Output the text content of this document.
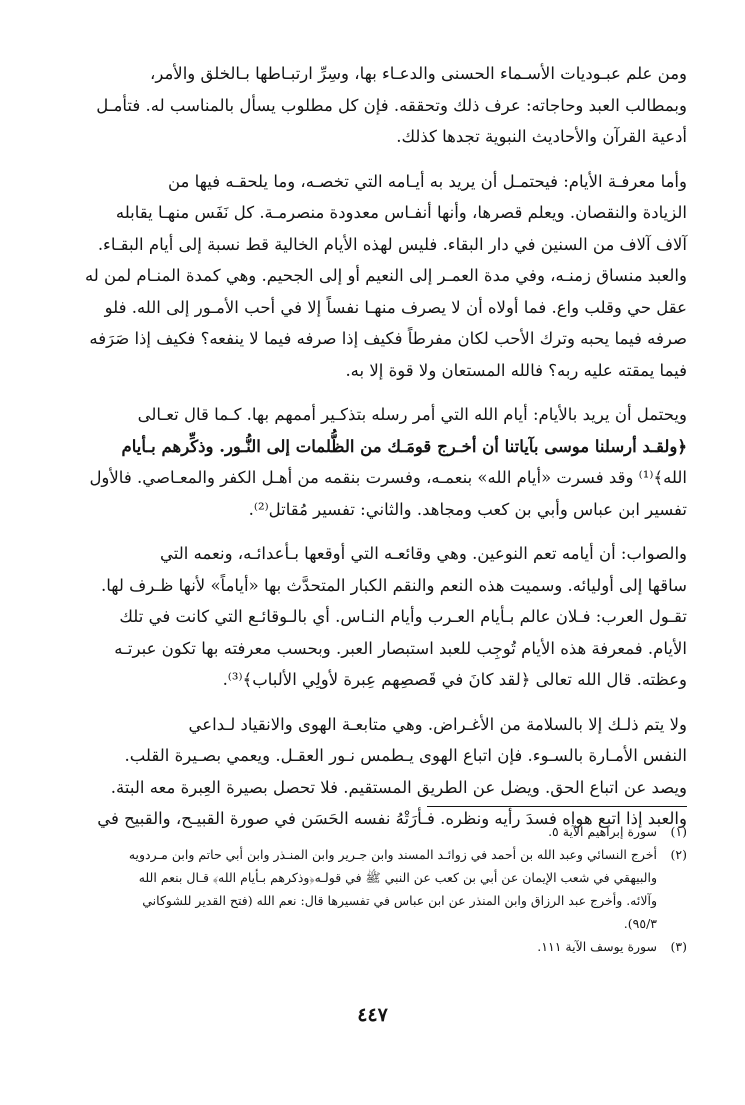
ومن علم عبـوديات الأسـماء الحسنى والدعـاء بها، وسِرِّ ارتبـاطها بـالخلق والأمر،
وبمطالب العبد وحاجاته: عرف ذلك وتحققه. فإن كل مطلوب يسأل بالمناسب له. فتأمـل
أدعية القرآن والأحاديث النبوية تجدها كذلك.

وأما معرفـة الأيام: فيحتمـل أن يريد به أيـامه التي تخصـه، وما يلحقـه فيها من
الزيادة والنقصان. ويعلم قصرها، وأنها أنفـاس معدودة منصرمـة. كل نَفَس منهـا يقابله
آلاف آلاف من السنين في دار البقاء. فليس لهذه الأيام الخالية قط نسبة إلى أيام البقـاء.
والعبد منساق زمنـه، وفي مدة العمـر إلى النعيم أو إلى الجحيم. وهي كمدة المنـام لمن له
عقل حي وقلب واع. فما أولاه أن لا يصرف منهـا نفساً إلا في أحب الأمـور إلى الله. فلو
صرفه فيما يحبه وترك الأحب لكان مفرطاً فكيف إذا صرفه فيما لا ينفعه؟ فكيف إذا صَرَفه
فيما يمقته عليه ربه؟ فالله المستعان ولا قوة إلا به.

ويحتمل أن يريد بالأيام: أيام الله التي أمر رسله بتذكـير أممهم بها. كـما قال تعـالى
﴿ولقـد أرسلنا موسى بآياتنا أن أخـرج قومَـك من الظُّلمات إلى النُّـور. وذكِّرهم بـأيام
الله﴾⁽¹⁾ وقد فسرت «أيام الله» بنعمـه، وفسرت بنقمه من أهـل الكفر والمعـاصي. فالأول
تفسير ابن عباس وأبي بن كعب ومجاهد. والثاني: تفسير مُقاتل⁽²⁾.

والصواب: أن أيامه تعم النوعين. وهي وقائعـه التي أوقعها بـأعدائـه، ونعمه التي
ساقها إلى أوليائه. وسميت هذه النعم والنقم الكبار المتحدَّث بها «أياماً» لأنها ظـرف لها.
تقـول العرب: فـلان عالم بـأيام العـرب وأيام النـاس. أي بالـوقائـع التي كانت في تلك
الأيام. فمعرفة هذه الأيام تُوجِب للعبد استبصار العبر. وبحسب معرفته بها تكون عبرتـه
وعظته. قال الله تعالى ﴿لقد كانَ في قَصصِهم عِبرة لأولِي الألباب﴾⁽³⁾.

ولا يتم ذلـك إلا بالسلامة من الأغـراض. وهي متابعـة الهوى والانقياد لـداعي
النفس الأمـارة بالسـوء. فإن اتباع الهوى يـطمس نـور العقـل. ويعمي بصـيرة القلب.
ويصد عن اتباع الحق. ويضل عن الطريق المستقيم. فلا تحصل بصيرة العِبرة معه البتة.
والعبد إذا اتبع هواه فسدَ رأيه ونظره. فـأرَتْهُ نفسه الحَسَن في صورة القبيـح، والقبيح في

(١)
سورة إبراهيم الآية ٥.
(٢)
أخرج النسائي وعبد الله بن أحمد في زوائـد المسند وابن جـرير وابن المنـذر وابن أبي حاتم وابن مـردويه
والبيهقي في شعب الإيمان عن أبي بن كعب عن النبي ﷺ في قولـه﴿وذكرهم بـأيام الله﴾ قـال بنعم الله
وآلائه. وأخرج عبد الرزاق وابن المنذر عن ابن عباس في تفسيرها قال: نعم الله (فتح القدير للشوكاني
٩٥/٣).
(٣)
سورة يوسف الآية ١١١.
٤٤٧
